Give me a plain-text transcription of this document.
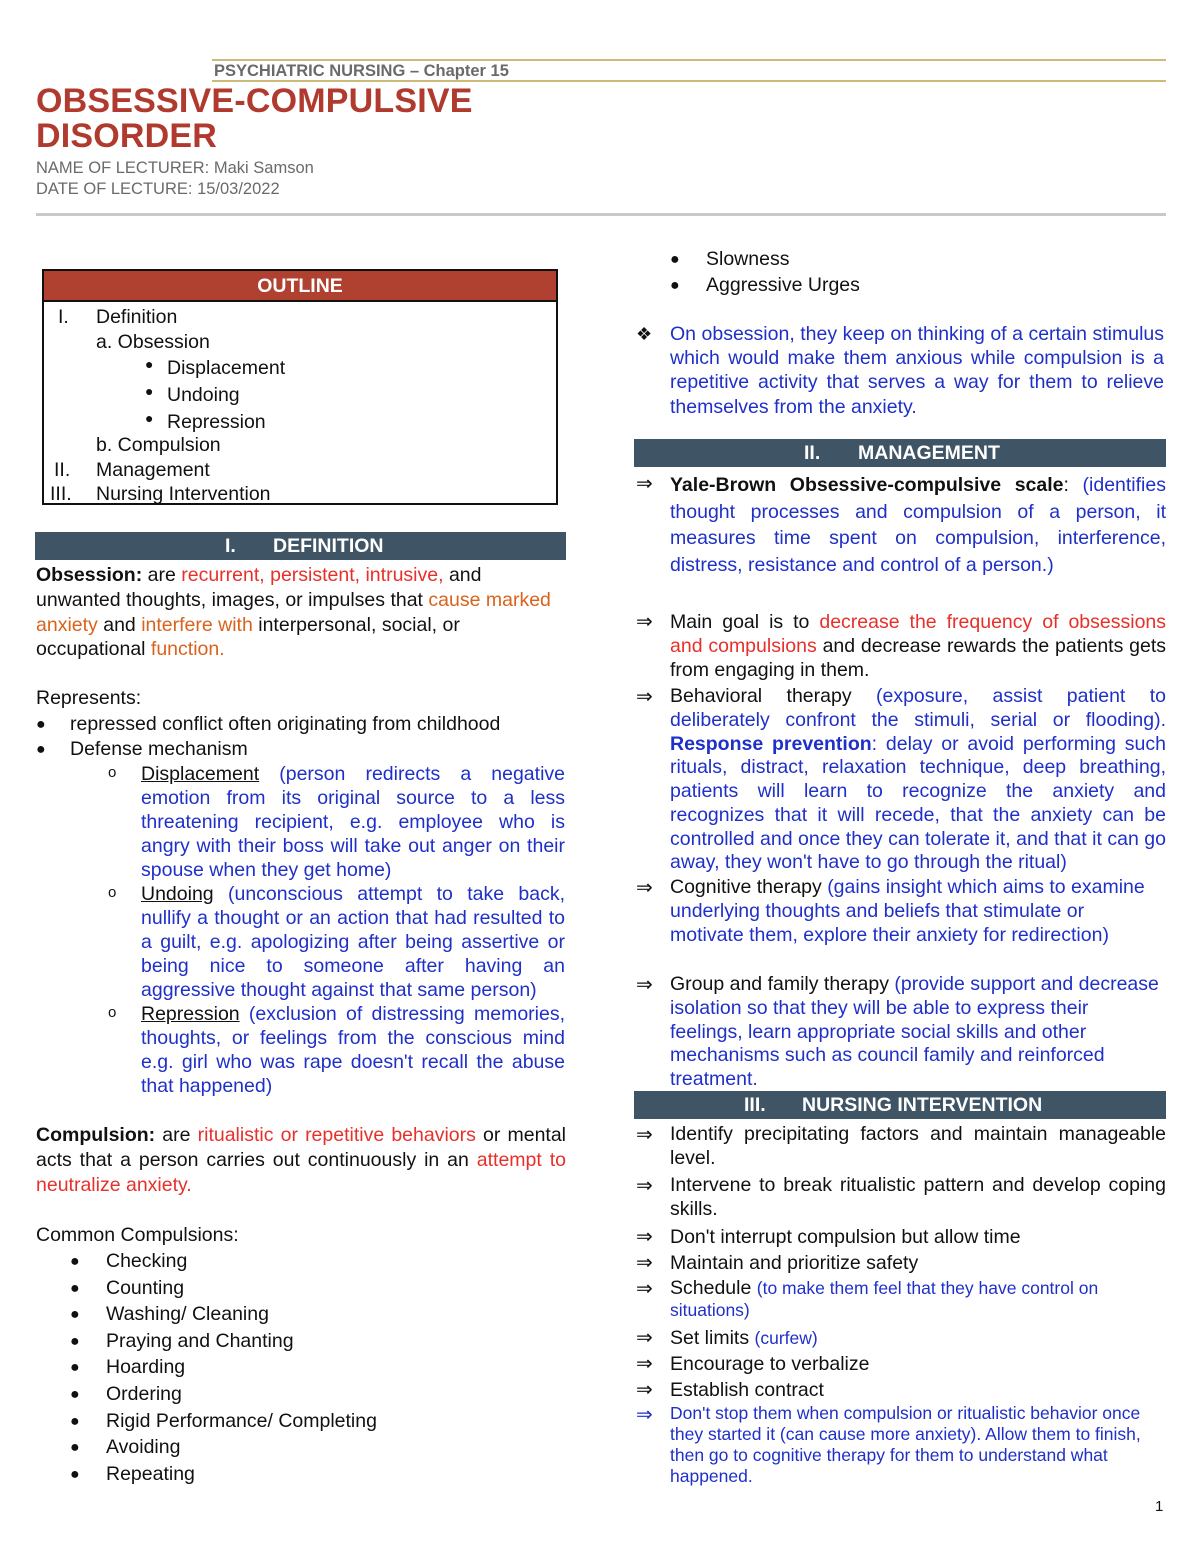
PSYCHIATRIC NURSING – Chapter 15
OBSESSIVE-COMPULSIVE
DISORDER
NAME OF LECTURER: Maki Samson
DATE OF LECTURE: 15/03/2022
OUTLINE
I. Definition
a. Obsession
● Displacement
● Undoing
● Repression
b. Compulsion
II. Management
III. Nursing Intervention
I. DEFINITION
Obsession: are recurrent, persistent, intrusive, and unwanted thoughts, images, or impulses that cause marked anxiety and interfere with interpersonal, social, or occupational function.
Represents:
● repressed conflict often originating from childhood
● Defense mechanism
o Displacement (person redirects a negative emotion from its original source to a less threatening recipient, e.g. employee who is angry with their boss will take out anger on their spouse when they get home)
o Undoing (unconscious attempt to take back, nullify a thought or an action that had resulted to a guilt, e.g. apologizing after being assertive or being nice to someone after having an aggressive thought against that same person)
o Repression (exclusion of distressing memories, thoughts, or feelings from the conscious mind e.g. girl who was rape doesn't recall the abuse that happened)
Compulsion: are ritualistic or repetitive behaviors or mental acts that a person carries out continuously in an attempt to neutralize anxiety.
Common Compulsions:
● Checking
● Counting
● Washing/ Cleaning
● Praying and Chanting
● Hoarding
● Ordering
● Rigid Performance/ Completing
● Avoiding
● Repeating
● Slowness
● Aggressive Urges
❖ On obsession, they keep on thinking of a certain stimulus which would make them anxious while compulsion is a repetitive activity that serves a way for them to relieve themselves from the anxiety.
II. MANAGEMENT
⇒ Yale-Brown Obsessive-compulsive scale: (identifies thought processes and compulsion of a person, it measures time spent on compulsion, interference, distress, resistance and control of a person.)
⇒ Main goal is to decrease the frequency of obsessions and compulsions and decrease rewards the patients gets from engaging in them.
⇒ Behavioral therapy (exposure, assist patient to deliberately confront the stimuli, serial or flooding). Response prevention: delay or avoid performing such rituals, distract, relaxation technique, deep breathing, patients will learn to recognize the anxiety and recognizes that it will recede, that the anxiety can be controlled and once they can tolerate it, and that it can go away, they won't have to go through the ritual)
⇒ Cognitive therapy (gains insight which aims to examine underlying thoughts and beliefs that stimulate or motivate them, explore their anxiety for redirection)
⇒ Group and family therapy (provide support and decrease isolation so that they will be able to express their feelings, learn appropriate social skills and other mechanisms such as council family and reinforced treatment.
III. NURSING INTERVENTION
⇒ Identify precipitating factors and maintain manageable level.
⇒ Intervene to break ritualistic pattern and develop coping skills.
⇒ Don't interrupt compulsion but allow time
⇒ Maintain and prioritize safety
⇒ Schedule (to make them feel that they have control on situations)
⇒ Set limits (curfew)
⇒ Encourage to verbalize
⇒ Establish contract
⇒ Don't stop them when compulsion or ritualistic behavior once they started it (can cause more anxiety). Allow them to finish, then go to cognitive therapy for them to understand what happened.
1
